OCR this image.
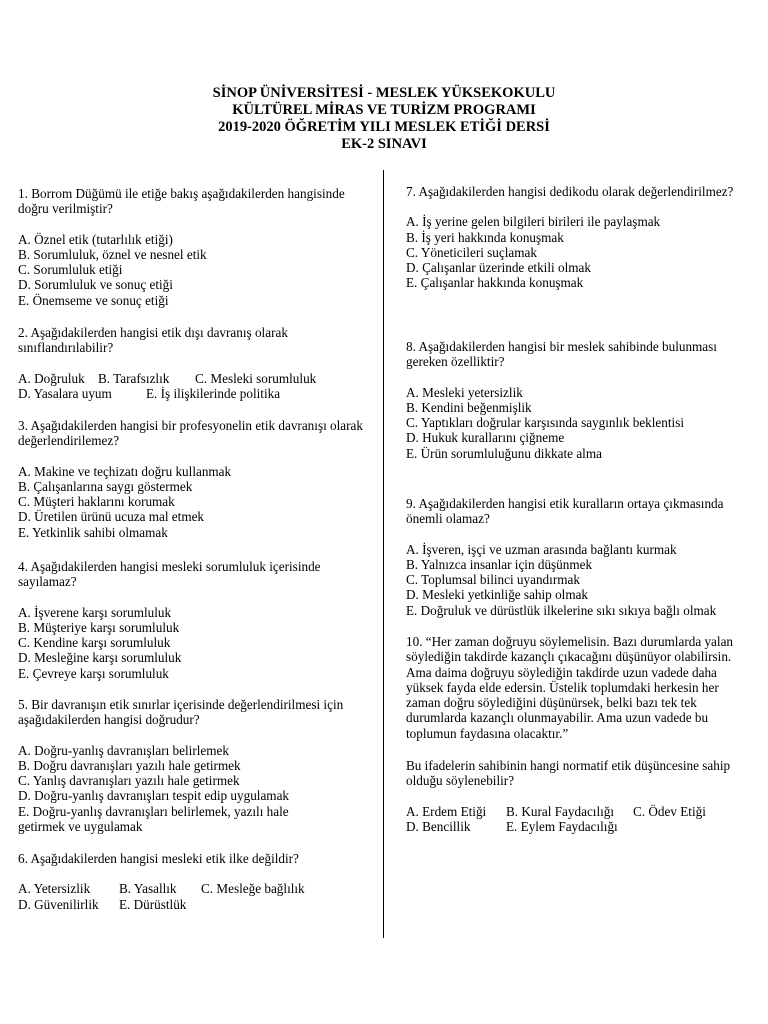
SİNOP ÜNİVERSİTESİ - MESLEK YÜKSEKOKULU
KÜLTÜREL MİRAS VE TURİZM PROGRAMI
2019-2020 ÖĞRETİM YILI MESLEK ETİĞİ DERSİ
EK-2 SINAVI

1. Borrom Düğümü ile etiğe bakış aşağıdakilerden hangisinde doğru verilmiştir?

A. Öznel etik (tutarlılık etiği)
B. Sorumluluk, öznel ve nesnel etik
C. Sorumluluk etiği
D. Sorumluluk ve sonuç etiği
E. Önemseme ve sonuç etiği

2. Aşağıdakilerden hangisi etik dışı davranış olarak sınıflandırılabilir?

A. Doğruluk B. Tarafsızlık C. Mesleki sorumluluk
D. Yasalara uyum	E. İş ilişkilerinde politika

3. Aşağıdakilerden hangisi bir profesyonelin etik davranışı olarak değerlendirilemez?

A. Makine ve teçhizatı doğru kullanmak
B. Çalışanlarına saygı göstermek
C. Müşteri haklarını korumak
D. Üretilen ürünü ucuza mal etmek
E. Yetkinlik sahibi olmamak

4. Aşağıdakilerden hangisi mesleki sorumluluk içerisinde sayılamaz?

A. İşverene karşı sorumluluk
B. Müşteriye karşı sorumluluk
C. Kendine karşı sorumluluk
D. Mesleğine karşı sorumluluk
E. Çevreye karşı sorumluluk

5. Bir davranışın etik sınırlar içerisinde değerlendirilmesi için aşağıdakilerden hangisi doğrudur?

A. Doğru-yanlış davranışları belirlemek
B. Doğru davranışları yazılı hale getirmek
C. Yanlış davranışları yazılı hale getirmek
D. Doğru-yanlış davranışları tespit edip uygulamak
E. Doğru-yanlış davranışları belirlemek, yazılı hale getirmek ve uygulamak

6. Aşağıdakilerden hangisi mesleki etik ilke değildir?

A. Yetersizlik B. Yasallık C. Mesleğe bağlılık
D. Güvenilirlik E. Dürüstlük

7. Aşağıdakilerden hangisi dedikodu olarak değerlendirilmez?

A. İş yerine gelen bilgileri birileri ile paylaşmak
B. İş yeri hakkında konuşmak
C. Yöneticileri suçlamak
D. Çalışanlar üzerinde etkili olmak
E. Çalışanlar hakkında konuşmak

8. Aşağıdakilerden hangisi bir meslek sahibinde bulunması gereken özelliktir?

A. Mesleki yetersizlik
B. Kendini beğenmişlik
C. Yaptıkları doğrular karşısında saygınlık beklentisi
D. Hukuk kurallarını çiğneme
E. Ürün sorumluluğunu dikkate alma

9. Aşağıdakilerden hangisi etik kuralların ortaya çıkmasında önemli olamaz?

A. İşveren, işçi ve uzman arasında bağlantı kurmak
B. Yalnızca insanlar için düşünmek
C. Toplumsal bilinci uyandırmak
D. Mesleki yetkinliğe sahip olmak
E. Doğruluk ve dürüstlük ilkelerine sıkı sıkıya bağlı olmak

10. “Her zaman doğruyu söylemelisin. Bazı durumlarda yalan söylediğin takdirde kazançlı çıkacağını düşünüyor olabilirsin. Ama daima doğruyu söylediğin takdirde uzun vadede daha yüksek fayda elde edersin. Üstelik toplumdaki herkesin her zaman doğru söylediğini düşünürsek, belki bazı tek tek durumlarda kazançlı olunmayabilir. Ama uzun vadede bu toplumun faydasına olacaktır.”

Bu ifadelerin sahibinin hangi normatif etik düşüncesine sahip olduğu söylenebilir?

A. Erdem Etiği B. Kural Faydacılığı C. Ödev Etiği
D. Bencillik	E. Eylem Faydacılığı
